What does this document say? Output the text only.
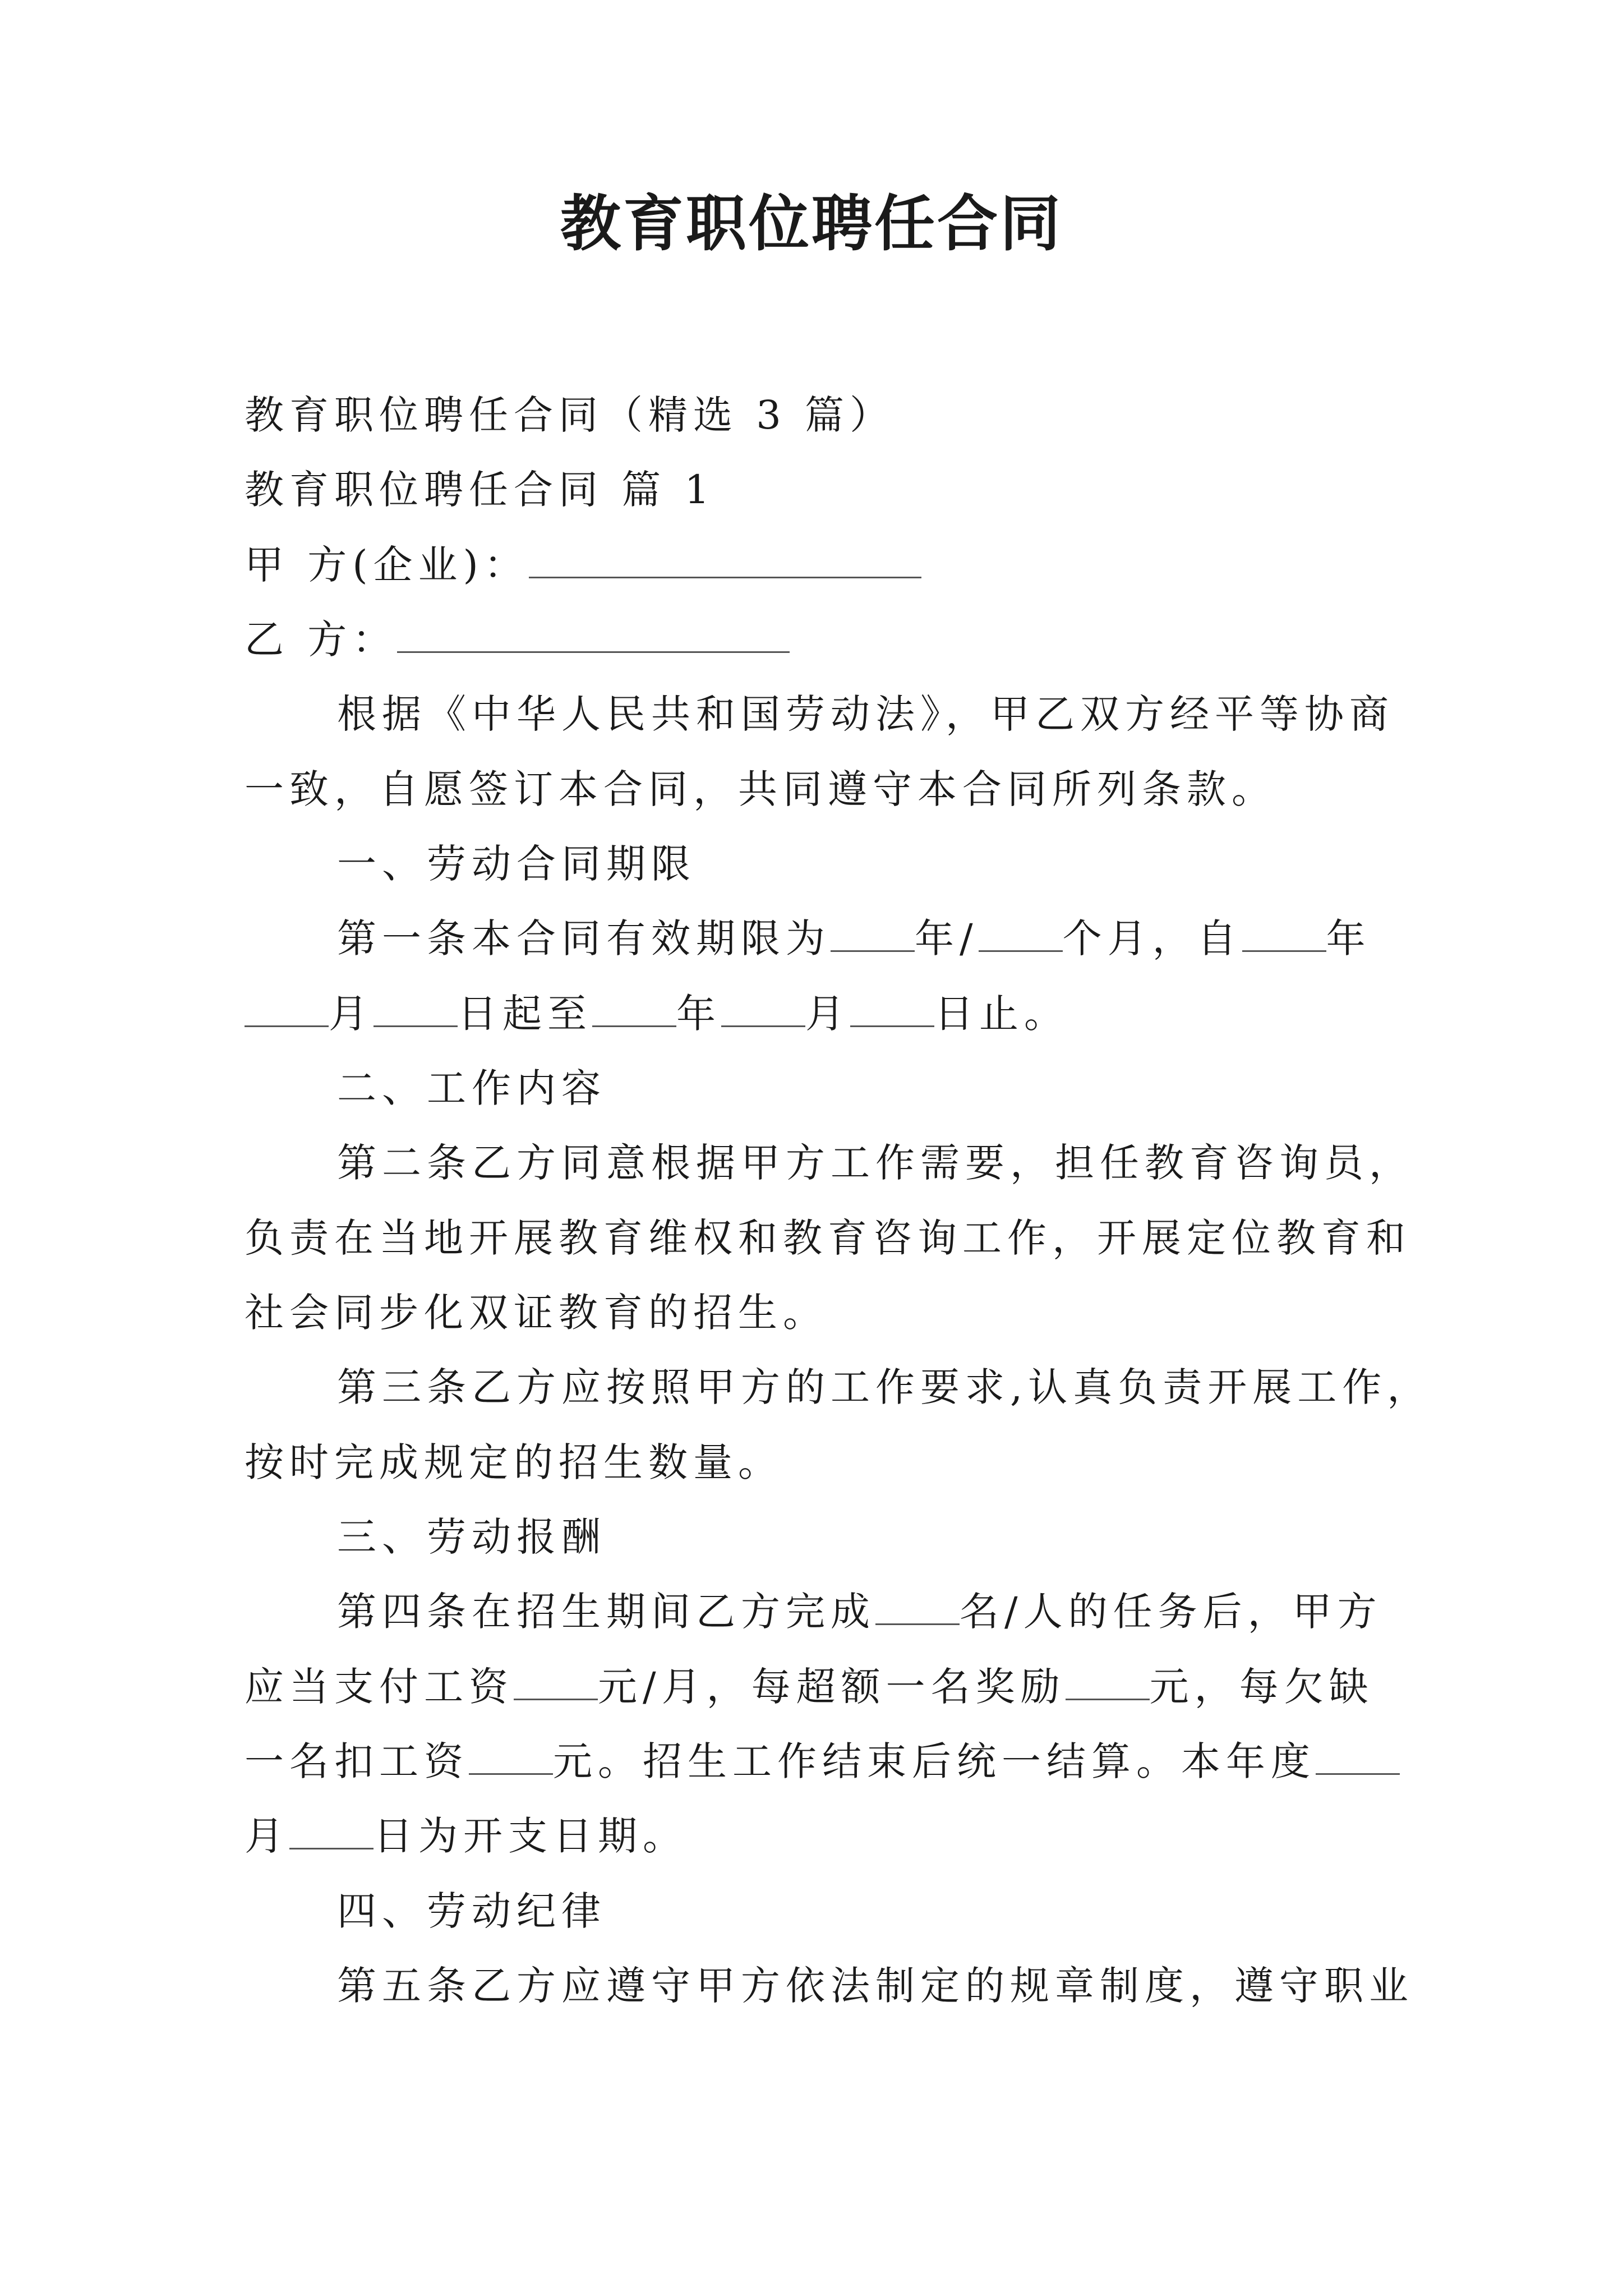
教育职位聘任合同
教育职位聘任合同（精选 3 篇）
教育职位聘任合同 篇 1
甲 方(企业)：
乙 方：
根据《中华人民共和国劳动法》，甲乙双方经平等协商
一致，自愿签订本合同，共同遵守本合同所列条款。
一、劳动合同期限
第一条本合同有效期限为 年/ 个月，自 年
月 日起至 年 月 日止。
二、工作内容
第二条乙方同意根据甲方工作需要，担任教育咨询员，
负责在当地开展教育维权和教育咨询工作，开展定位教育和
社会同步化双证教育的招生。
第三条乙方应按照甲方的工作要求,认真负责开展工作，
按时完成规定的招生数量。
三、劳动报酬
第四条在招生期间乙方完成 名/人的任务后，甲方
应当支付工资 元/月，每超额一名奖励 元，每欠缺
一名扣工资 元。招生工作结束后统一结算。本年度
月 日为开支日期。
四、劳动纪律
第五条乙方应遵守甲方依法制定的规章制度，遵守职业
